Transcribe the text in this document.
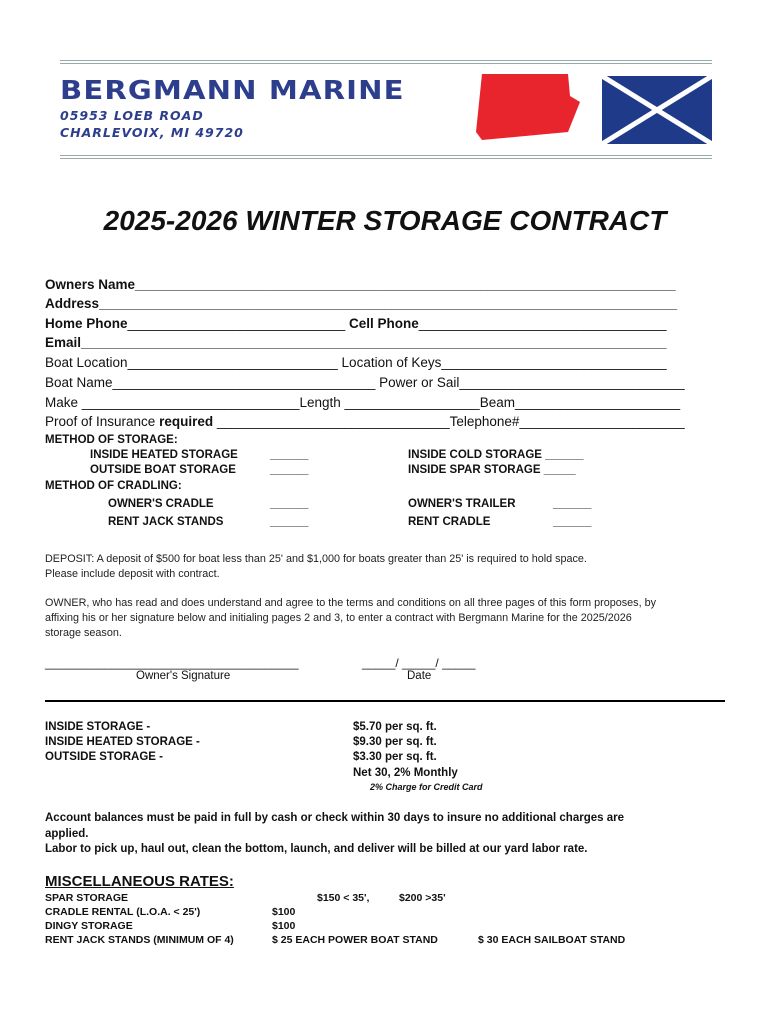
BERGMANN MARINE
05953 LOEB ROAD
CHARLEVOIX, MI 49720
2025-2026 WINTER STORAGE CONTRACT
Owners Name________________________________________________________________________
Address_____________________________________________________________________________
Home Phone_____________________________ Cell Phone_________________________________
Email______________________________________________________________________________
Boat Location____________________________ Location of Keys______________________________
Boat Name___________________________________ Power or Sail______________________________
Make _____________________________Length __________________Beam______________________
Proof of Insurance required _______________________________Telephone#______________________
METHOD OF STORAGE:
INSIDE HEATED STORAGE	______	INSIDE COLD STORAGE ______
OUTSIDE BOAT STORAGE	______	INSIDE SPAR STORAGE _____
METHOD OF CRADLING:
OWNER'S CRADLE	______	OWNER'S TRAILER	______
RENT JACK STANDS	______	RENT CRADLE	______
DEPOSIT: A deposit of $500 for boat less than 25' and $1,000 for boats greater than 25' is required to hold space.
Please include deposit with contract.
OWNER, who has read and does understand and agree to the terms and conditions on all three pages of this form proposes, by
affixing his or her signature below and initialing pages 2 and 3, to enter a contract with Bergmann Marine for the 2025/2026
storage season.
______________________________________	_____/ _____/ _____
Owner's Signature	Date
INSIDE STORAGE -	$5.70 per sq. ft.
INSIDE HEATED STORAGE -	$9.30 per sq. ft.
OUTSIDE STORAGE -	$3.30 per sq. ft.
Net 30, 2% Monthly
2% Charge for Credit Card
Account balances must be paid in full by cash or check within 30 days to insure no additional charges are
applied.
Labor to pick up, haul out, clean the bottom, launch, and deliver will be billed at our yard labor rate.
MISCELLANEOUS RATES:
SPAR STORAGE	$150 < 35',	$200 >35'
CRADLE RENTAL (L.O.A. < 25')	$100
DINGY STORAGE	$100
RENT JACK STANDS (MINIMUM OF 4)	$ 25 EACH POWER BOAT STAND	$ 30 EACH SAILBOAT STAND
